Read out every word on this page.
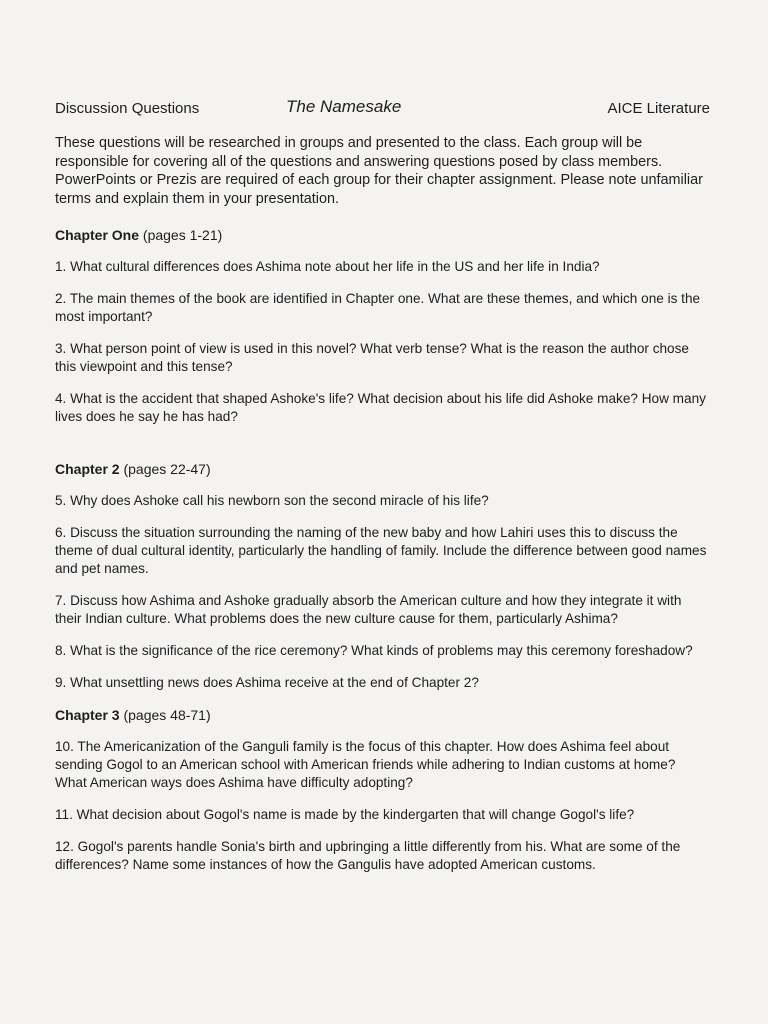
Discussion Questions	The Namesake	AICE Literature

These questions will be researched in groups and presented to the class. Each group will be responsible for covering all of the questions and answering questions posed by class members. PowerPoints or Prezis are required of each group for their chapter assignment. Please note unfamiliar terms and explain them in your presentation.

Chapter One (pages 1-21)

1. What cultural differences does Ashima note about her life in the US and her life in India?

2. The main themes of the book are identified in Chapter one. What are these themes, and which one is the most important?

3. What person point of view is used in this novel? What verb tense? What is the reason the author chose this viewpoint and this tense?

4. What is the accident that shaped Ashoke's life? What decision about his life did Ashoke make? How many lives does he say he has had?

Chapter 2 (pages 22-47)

5. Why does Ashoke call his newborn son the second miracle of his life?

6. Discuss the situation surrounding the naming of the new baby and how Lahiri uses this to discuss the theme of dual cultural identity, particularly the handling of family. Include the difference between good names and pet names.

7. Discuss how Ashima and Ashoke gradually absorb the American culture and how they integrate it with their Indian culture. What problems does the new culture cause for them, particularly Ashima?

8. What is the significance of the rice ceremony? What kinds of problems may this ceremony foreshadow?

9. What unsettling news does Ashima receive at the end of Chapter 2?

Chapter 3 (pages 48-71)

10. The Americanization of the Ganguli family is the focus of this chapter. How does Ashima feel about sending Gogol to an American school with American friends while adhering to Indian customs at home? What American ways does Ashima have difficulty adopting?

11. What decision about Gogol's name is made by the kindergarten that will change Gogol's life?

12. Gogol's parents handle Sonia's birth and upbringing a little differently from his. What are some of the differences? Name some instances of how the Gangulis have adopted American customs.
